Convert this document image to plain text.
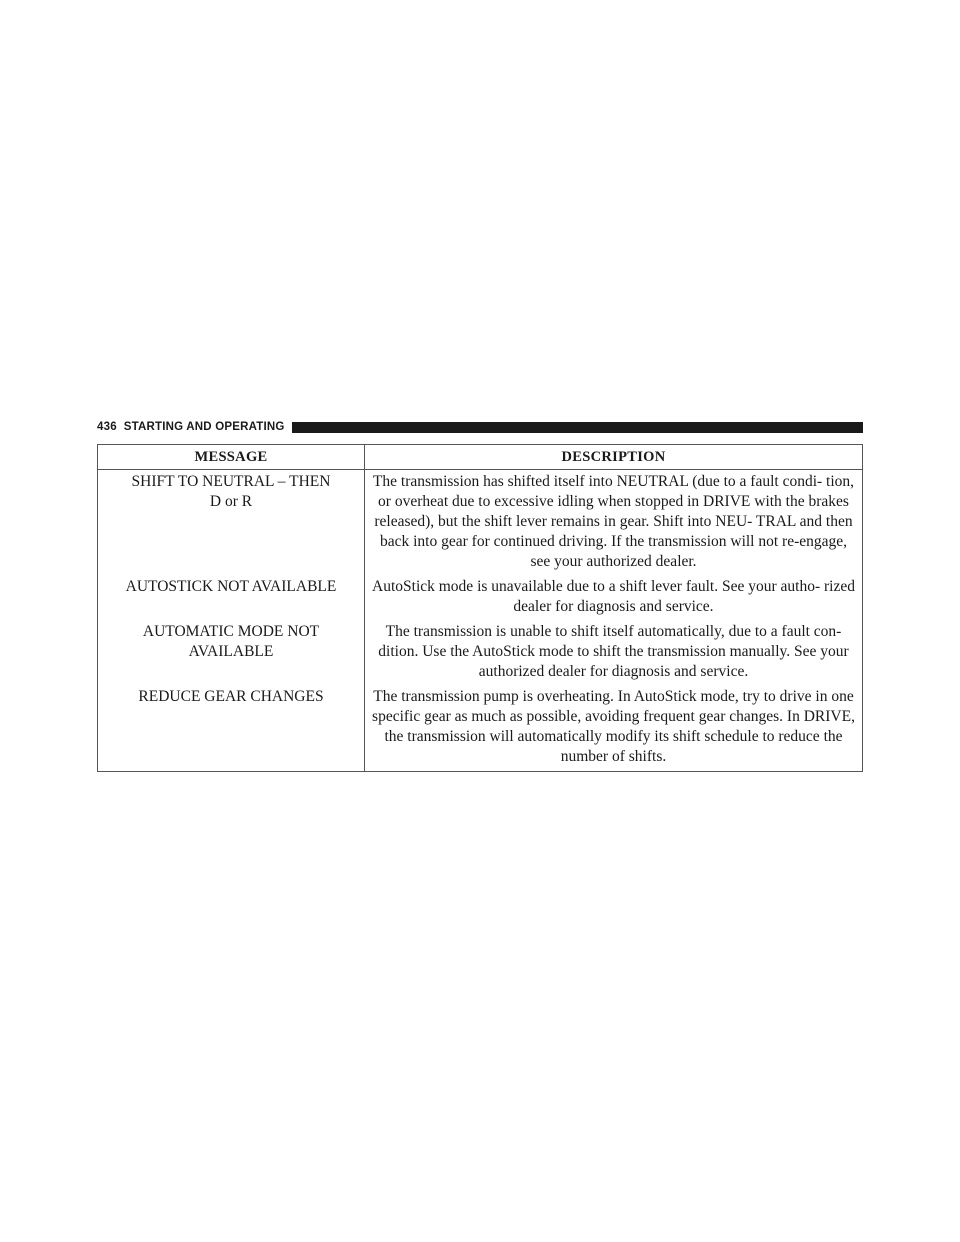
436 STARTING AND OPERATING
MESSAGE	DESCRIPTION

SHIFT TO NEUTRAL – THEN
D or R	The transmission has shifted itself into NEUTRAL (due to a fault condi- tion, or overheat due to excessive idling when stopped in DRIVE with the brakes released), but the shift lever remains in gear. Shift into NEU- TRAL and then back into gear for continued driving. If the transmission will not re-engage, see your authorized dealer.

AUTOSTICK NOT AVAILABLE	AutoStick mode is unavailable due to a shift lever fault. See your autho- rized dealer for diagnosis and service.

AUTOMATIC MODE NOT
AVAILABLE	The transmission is unable to shift itself automatically, due to a fault con- dition. Use the AutoStick mode to shift the transmission manually. See your authorized dealer for diagnosis and service.

REDUCE GEAR CHANGES	The transmission pump is overheating. In AutoStick mode, try to drive in one specific gear as much as possible, avoiding frequent gear changes. In DRIVE, the transmission will automatically modify its shift schedule to reduce the number of shifts.
